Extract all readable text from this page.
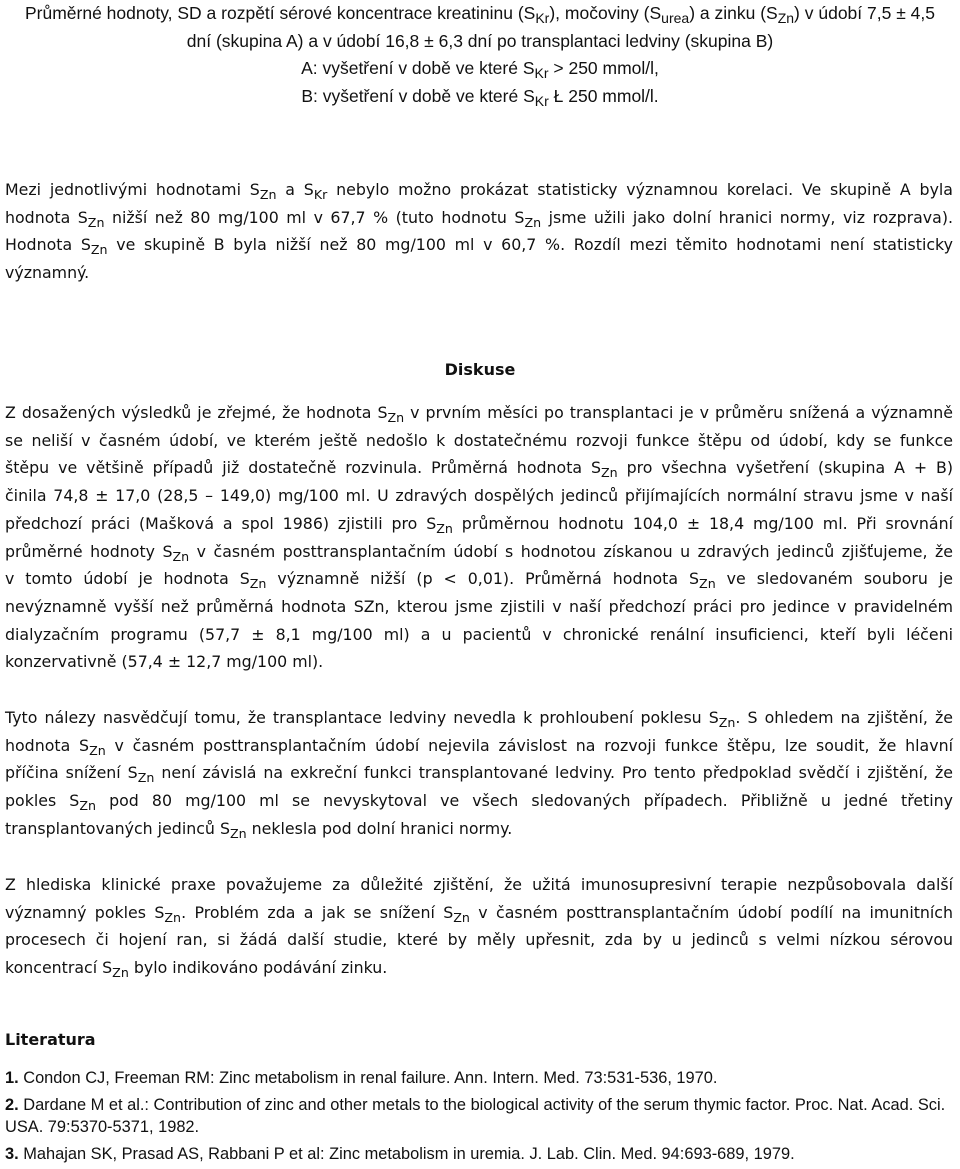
Průměrné hodnoty, SD a rozpětí sérové koncentrace kreatininu $(S_{Kr})$, močoviny $(S_{urea})$ a zinku $(S_{Zn})$ v údobí 7,5 ± 4,5
dní (skupina A) a v údobí 16,8 ± 6,3 dní po transplantaci ledviny (skupina B)
A: vyšetření v době ve které $S_{Kr} > 250$ mmol/l,
B: vyšetření v době ve které $S_{Kr}$ Ł 250 mmol/l.
Mezi jednotlivými hodnotami $S_{Zn}$ a $S_{Kr}$ nebylo možno prokázat statisticky významnou korelaci. Ve skupině A byla
hodnota $S_{Zn}$ nižší než 80 mg/100 ml v 67,7 % (tuto hodnotu $S_{Zn}$ jsme užili jako dolní hranici normy, viz rozprava).
Hodnota $S_{Zn}$ ve skupině B byla nižší než 80 mg/100 ml v 60,7 %. Rozdíl mezi těmito hodnotami není statisticky
významný.
Diskuse
Z dosažených výsledků je zřejmé, že hodnota $S_{Zn}$ v prvním měsíci po transplantaci je v průměru snížená a významně
se neliší v časném údobí, ve kterém ještě nedošlo k dostatečnému rozvoji funkce štěpu od údobí, kdy se funkce
štěpu ve většině případů již dostatečně rozvinula. Průměrná hodnota $S_{Zn}$ pro všechna vyšetření (skupina A + B)
činila 74,8 ± 17,0 (28,5 – 149,0) mg/100 ml. U zdravých dospělých jedinců přijímajících normální stravu jsme v naší
předchozí práci (Mašková a spol 1986) zjistili pro $S_{Zn}$ průměrnou hodnotu 104,0 ± 18,4 mg/100 ml. Při srovnání
průměrné hodnoty $S_{Zn}$ v časném posttransplantačním údobí s hodnotou získanou u zdravých jedinců zjišťujeme, že
v tomto údobí je hodnota $S_{Zn}$ významně nižší (p < 0,01). Průměrná hodnota $S_{Zn}$ ve sledovaném souboru je
nevýznamně vyšší než průměrná hodnota SZn, kterou jsme zjistili v naší předchozí práci pro jedince v pravidelném
dialyzačním programu (57,7 ± 8,1 mg/100 ml) a u pacientů v chronické renální insuficienci, kteří byli léčeni
konzervativně (57,4 ± 12,7 mg/100 ml).
Tyto nálezy nasvědčují tomu, že transplantace ledviny nevedla k prohloubení poklesu $S_{Zn}$. S ohledem na zjištění, že
hodnota $S_{Zn}$ v časném posttransplantačním údobí nejevila závislost na rozvoji funkce štěpu, lze soudit, že hlavní
příčina snížení $S_{Zn}$ není závislá na exkreční funkci transplantované ledviny. Pro tento předpoklad svědčí i zjištění, že
pokles $S_{Zn}$ pod 80 mg/100 ml se nevyskytoval ve všech sledovaných případech. Přibližně u jedné třetiny
transplantovaných jedinců $S_{Zn}$ neklesla pod dolní hranici normy.
Z hlediska klinické praxe považujeme za důležité zjištění, že užitá imunosupresivní terapie nezpůsobovala další
významný pokles $S_{Zn}$. Problém zda a jak se snížení $S_{Zn}$ v časném posttransplantačním údobí podílí na imunitních
procesech či hojení ran, si žádá další studie, které by měly upřesnit, zda by u jedinců s velmi nízkou sérovou
koncentrací $S_{Zn}$ bylo indikováno podávání zinku.
Literatura
1. Condon CJ, Freeman RM: Zinc metabolism in renal failure. Ann. Intern. Med. 73:531-536, 1970.
2. Dardane M et al.: Contribution of zinc and other metals to the biological activity of the serum thymic factor. Proc. Nat. Acad. Sci. USA. 79:5370-5371, 1982.
3. Mahajan SK, Prasad AS, Rabbani P et al: Zinc metabolism in uremia. J. Lab. Clin. Med. 94:693-689, 1979.
